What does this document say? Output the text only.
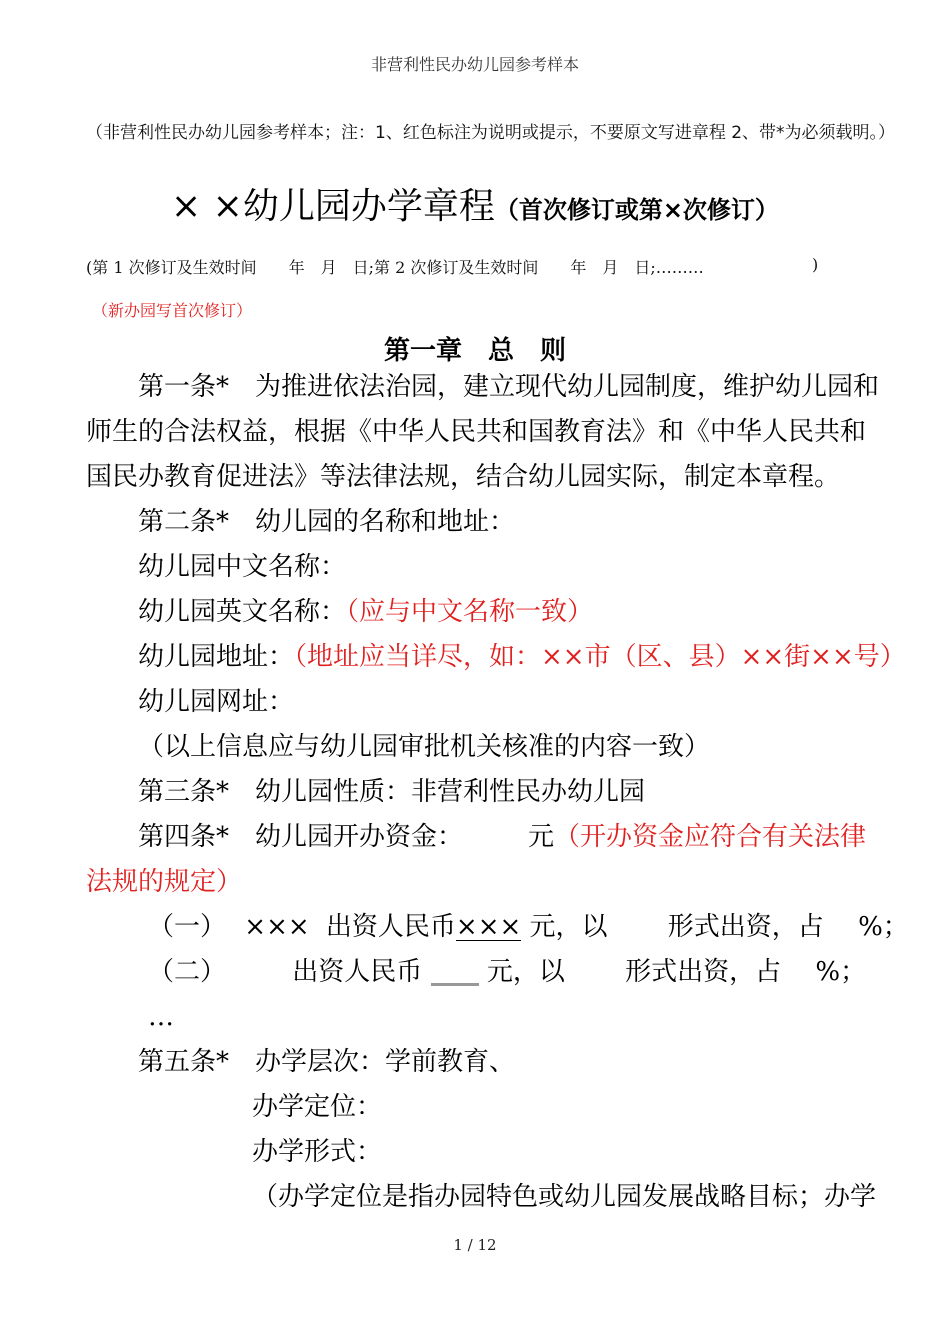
非营利性民办幼儿园参考样本
（非营利性民办幼儿园参考样本；注：1、红色标注为说明或提示，不要原文写进章程 2、带*为必须载明。）
× ×幼儿园办学章程（首次修订或第×次修订）
(第 1 次修订及生效时间　　年　月　日;第 2 次修订及生效时间　　年　月　日;………	)
（新办园写首次修订）
第一章　总　则
第一条*　为推进依法治园，建立现代幼儿园制度，维护幼儿园和师生的合法权益，根据《中华人民共和国教育法》和《中华人民共和国民办教育促进法》等法律法规，结合幼儿园实际，制定本章程。
第二条*　幼儿园的名称和地址：
幼儿园中文名称：
幼儿园英文名称：（应与中文名称一致）
幼儿园地址：（地址应当详尽，如：××市（区、县）××街××号）
幼儿园网址：
（以上信息应与幼儿园审批机关核准的内容一致）
第三条*　幼儿园性质：非营利性民办幼儿园
第四条*　幼儿园开办资金：　　　元（开办资金应符合有关法律法规的规定）
（一） ××× 出资人民币××× 元，以　　 形式出资，占　 %；
（二）	出资人民币 元，以　　 形式出资，占　 %；
…
第五条*　办学层次：学前教育、
办学定位：
办学形式：
（办学定位是指办园特色或幼儿园发展战略目标；办学
1 / 12
